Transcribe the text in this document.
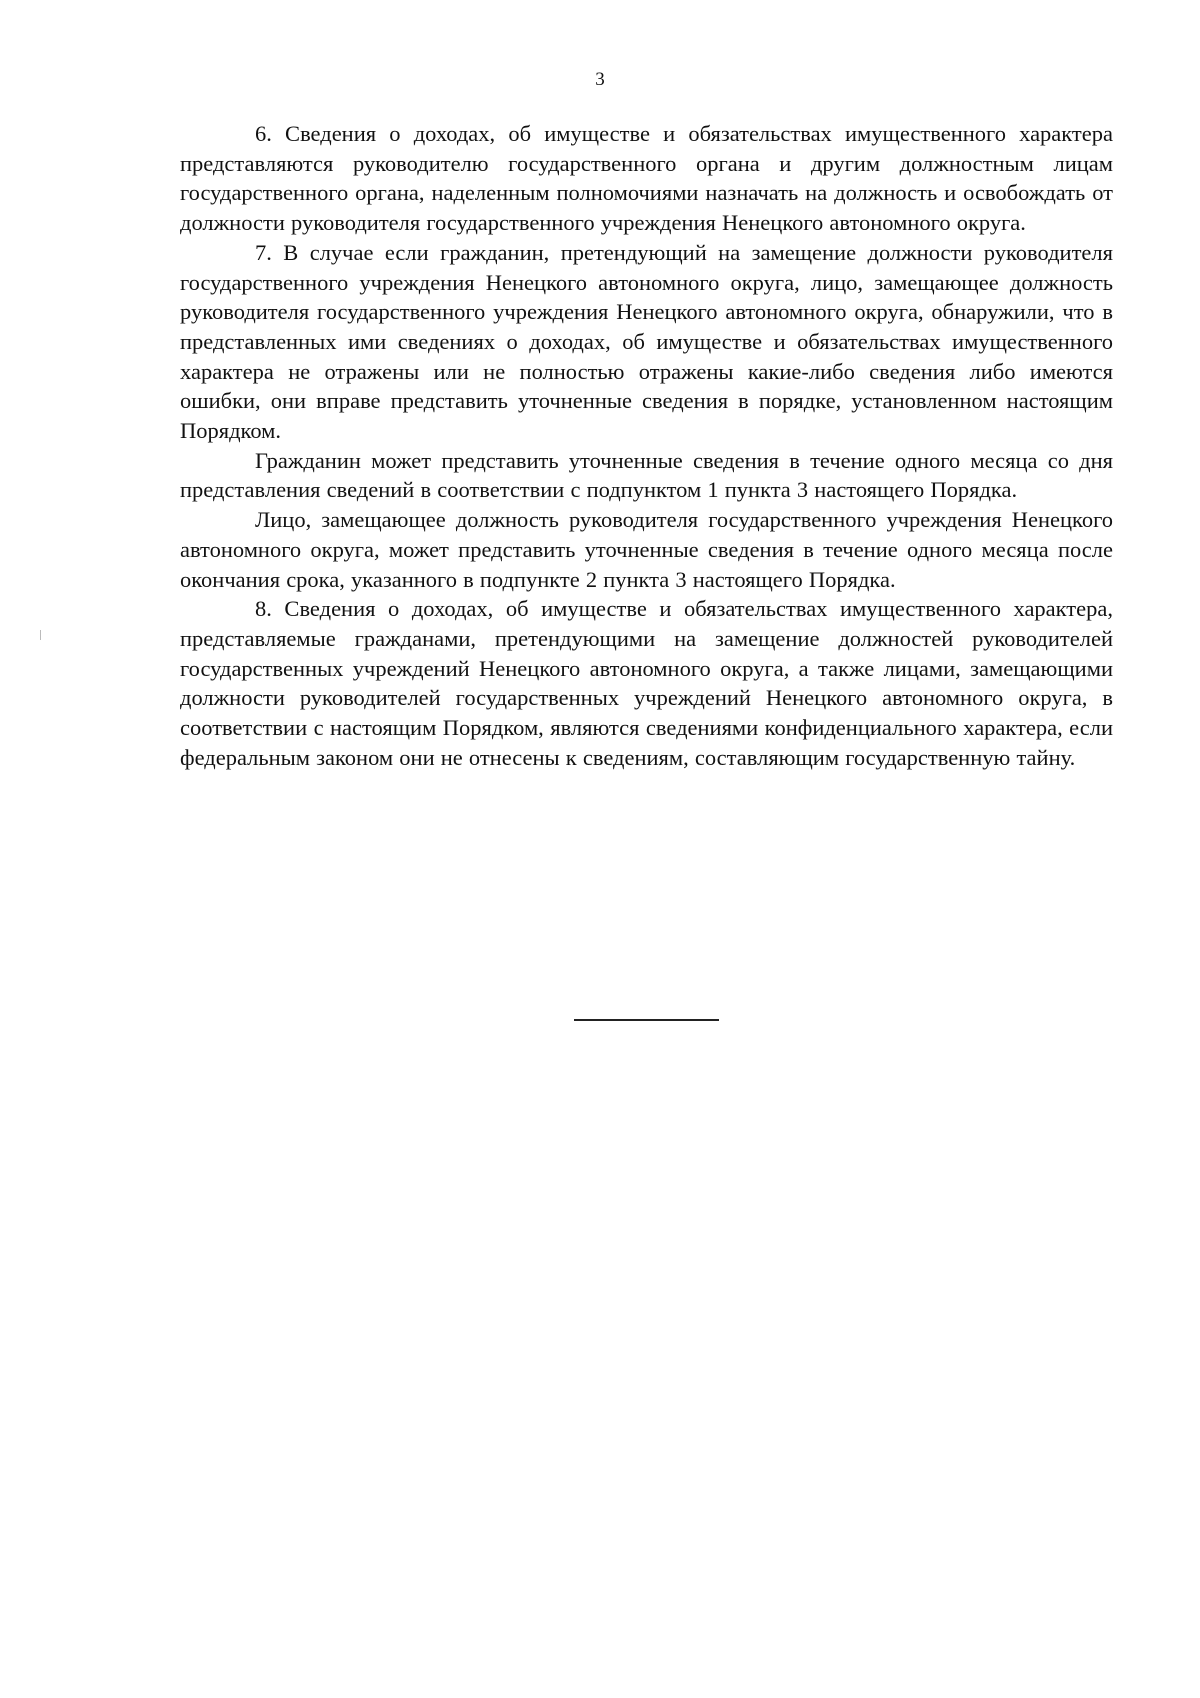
3

6. Сведения о доходах, об имуществе и обязательствах имущественного характера представляются руководителю государственного органа и другим должностным лицам государственного органа, наделенным полномочиями назначать на должность и освобождать от должности руководителя государственного учреждения Ненецкого автономного округа.

7. В случае если гражданин, претендующий на замещение должности руководителя государственного учреждения Ненецкого автономного округа, лицо, замещающее должность руководителя государственного учреждения Ненецкого автономного округа, обнаружили, что в представленных ими сведениях о доходах, об имуществе и обязательствах имущественного характера не отражены или не полностью отражены какие-либо сведения либо имеются ошибки, они вправе представить уточненные сведения в порядке, установленном настоящим Порядком.

Гражданин может представить уточненные сведения в течение одного месяца со дня представления сведений в соответствии с подпунктом 1 пункта 3 настоящего Порядка.

Лицо, замещающее должность руководителя государственного учреждения Ненецкого автономного округа, может представить уточненные сведения в течение одного месяца после окончания срока, указанного в подпункте 2 пункта 3 настоящего Порядка.

8. Сведения о доходах, об имуществе и обязательствах имущественного характера, представляемые гражданами, претендующими на замещение должностей руководителей государственных учреждений Ненецкого автономного округа, а также лицами, замещающими должности руководителей государственных учреждений Ненецкого автономного округа, в соответствии с настоящим Порядком, являются сведениями конфиденциального характера, если федеральным законом они не отнесены к сведениям, составляющим государственную тайну.
